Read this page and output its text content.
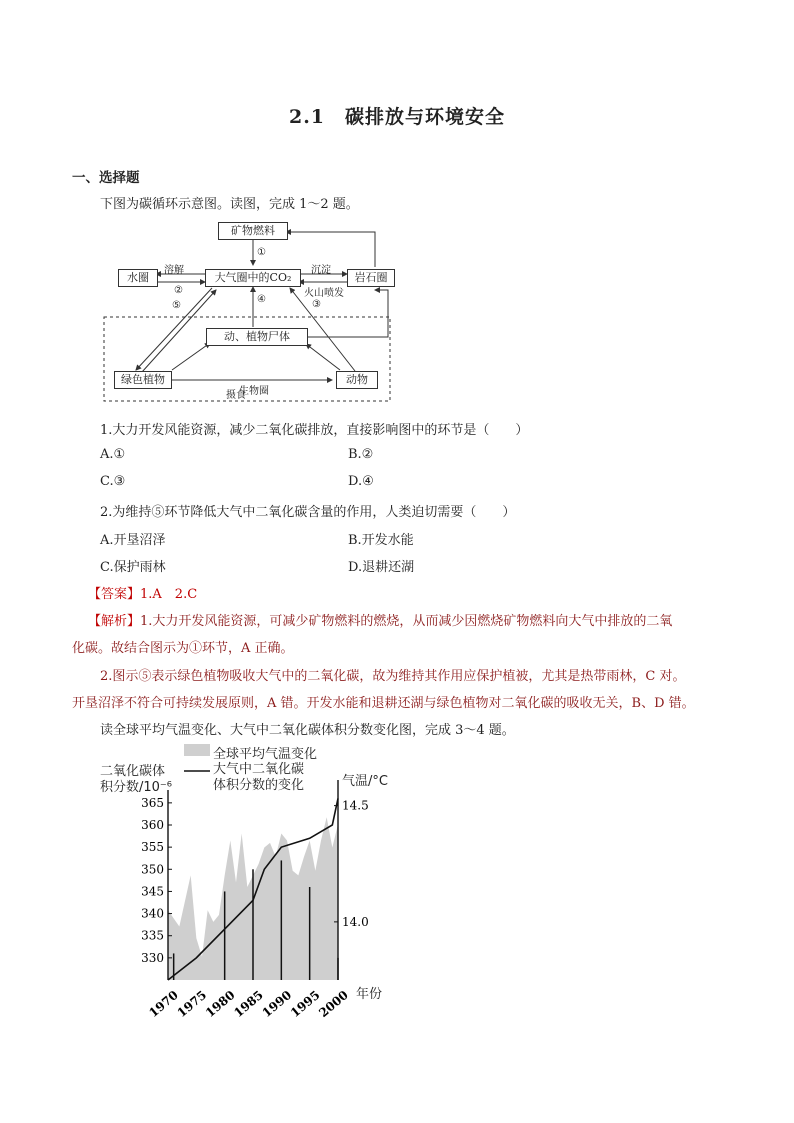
2.1　碳排放与环境安全
一、选择题
下图为碳循环示意图。读图，完成 1～2 题。
矿物燃料
大气圈中的CO₂
水圈	岩石圈
动、植物尸体
绿色植物	动物
溶解	沉淀
火山喷发
摄食
生物圈
①
②
③
④
⑤
1.大力开发风能资源，减少二氧化碳排放，直接影响图中的环节是（　　）
A.①	B.②
C.③	D.④
2.为维持⑤环节降低大气中二氧化碳含量的作用，人类迫切需要（　　）
A.开垦沼泽	B.开发水能
C.保护雨林	D.退耕还湖
【答案】1.A　2.C
【解析】1.大力开发风能资源，可减少矿物燃料的燃烧，从而减少因燃烧矿物燃料向大气中排放的二氧
化碳。故结合图示为①环节，A 正确。
2.图示⑤表示绿色植物吸收大气中的二氧化碳，故为维持其作用应保护植被，尤其是热带雨林，C 对。
开垦沼泽不符合可持续发展原则，A 错。开发水能和退耕还湖与绿色植物对二氧化碳的吸收无关，B、D 错。
读全球平均气温变化、大气中二氧化碳体积分数变化图，完成 3～4 题。
330
335
340
345
350
355
360
365
14.0
14.5
1970
1975
1980
1985
1990
1995
2000
全球平均气温变化
大气中二氧化碳
体积分数的变化
二氧化碳体
积分数/10⁻⁶	气温/°C
年份
